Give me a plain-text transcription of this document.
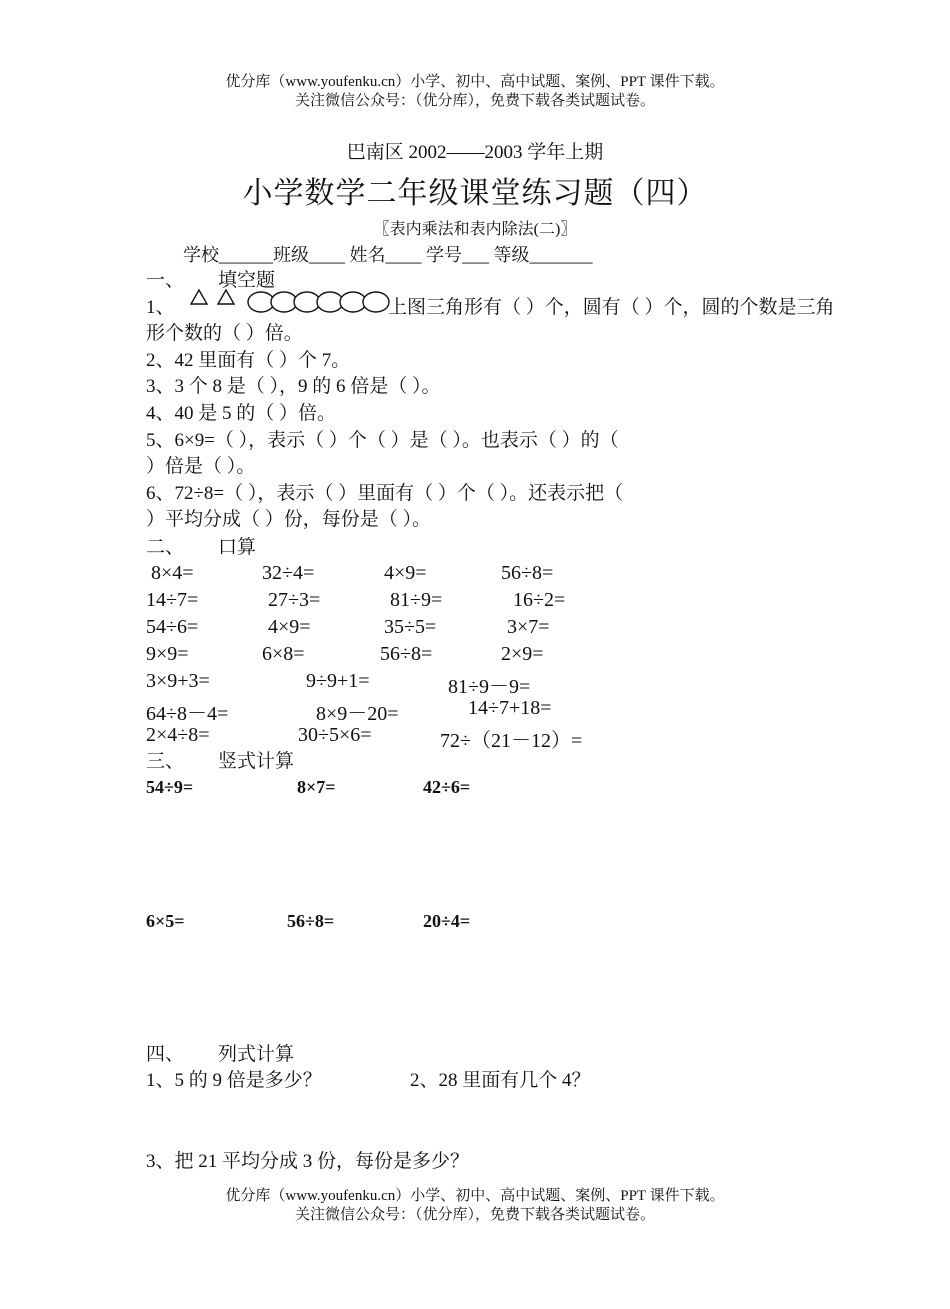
优分库（www.youfenku.cn）小学、初中、高中试题、案例、PPT 课件下载。
关注微信公众号：（优分库），免费下载各类试题试卷。
巴南区 2002——2003 学年上期
小学数学二年级课堂练习题（四）
〖表内乘法和表内除法(二)〗
学校______班级____ 姓名____ 学号___ 等级_______
一、 填空题
1、	上图三角形有（ ）个，圆有（ ）个，圆的个数是三角
形个数的（ ）倍。
2、42 里面有（ ）个 7。
3、3 个 8 是（ ），9 的 6 倍是（ ）。
4、40 是 5 的（ ）倍。
5、6×9=（ ），表示（ ）个（ ）是（ ）。也表示（ ）的（
）倍是（ ）。
6、72÷8=（ ），表示（ ）里面有（ ）个（ ）。还表示把（
）平均分成（ ）份，每份是（ ）。
二、 口算
8×4=	32÷4=	4×9=	56÷8=
14÷7=	27÷3=	81÷9=	16÷2=
54÷6=	4×9=	35÷5=	3×7=
9×9=	6×8=	56÷8=	2×9=
3×9+3=	9÷9+1=	81÷9－9=
64÷8－4=	8×9－20=	14÷7+18=
2×4÷8=	30÷5×6=	72÷（21－12）=
三、 竖式计算
54÷9=	8×7=	42÷6=
6×5=	56÷8=	20÷4=
四、 列式计算
1、5 的 9 倍是多少？	2、28 里面有几个 4？
3、把 21 平均分成 3 份，每份是多少？
优分库（www.youfenku.cn）小学、初中、高中试题、案例、PPT 课件下载。
关注微信公众号：（优分库），免费下载各类试题试卷。
